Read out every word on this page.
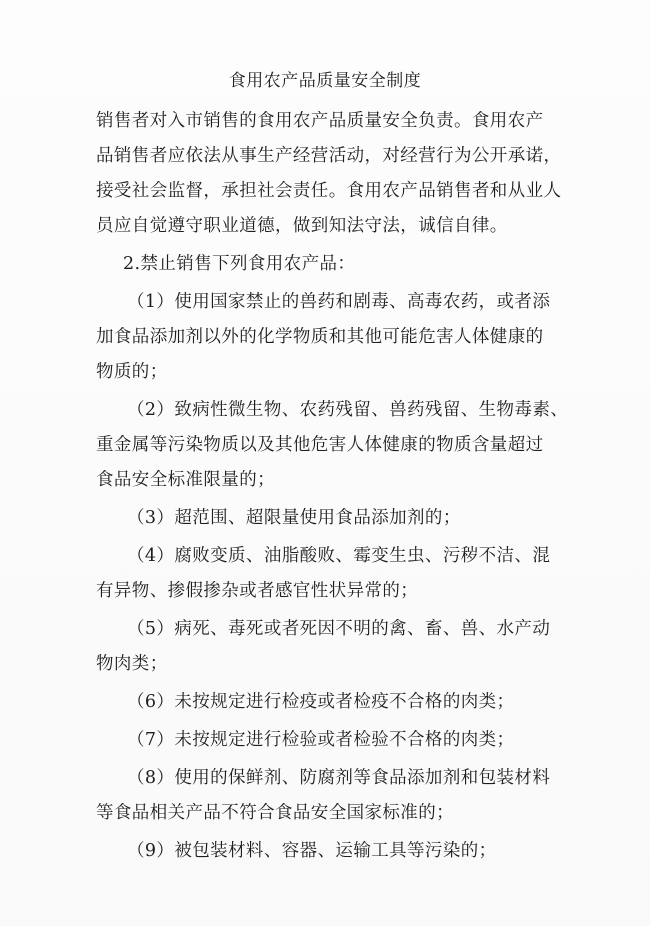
食用农产品质量安全制度
销售者对入市销售的食用农产品质量安全负责。食用农产
品销售者应依法从事生产经营活动，对经营行为公开承诺，
接受社会监督，承担社会责任。食用农产品销售者和从业人
员应自觉遵守职业道德，做到知法守法，诚信自律。
2.禁止销售下列食用农产品：
（1）使用国家禁止的兽药和剧毒、高毒农药，或者添
加食品添加剂以外的化学物质和其他可能危害人体健康的
物质的；
（2）致病性微生物、农药残留、兽药残留、生物毒素、
重金属等污染物质以及其他危害人体健康的物质含量超过
食品安全标准限量的；
（3）超范围、超限量使用食品添加剂的；
（4）腐败变质、油脂酸败、霉变生虫、污秽不洁、混
有异物、掺假掺杂或者感官性状异常的；
（5）病死、毒死或者死因不明的禽、畜、兽、水产动
物肉类；
（6）未按规定进行检疫或者检疫不合格的肉类；
（7）未按规定进行检验或者检验不合格的肉类；
（8）使用的保鲜剂、防腐剂等食品添加剂和包装材料
等食品相关产品不符合食品安全国家标准的；
（9）被包装材料、容器、运输工具等污染的；
